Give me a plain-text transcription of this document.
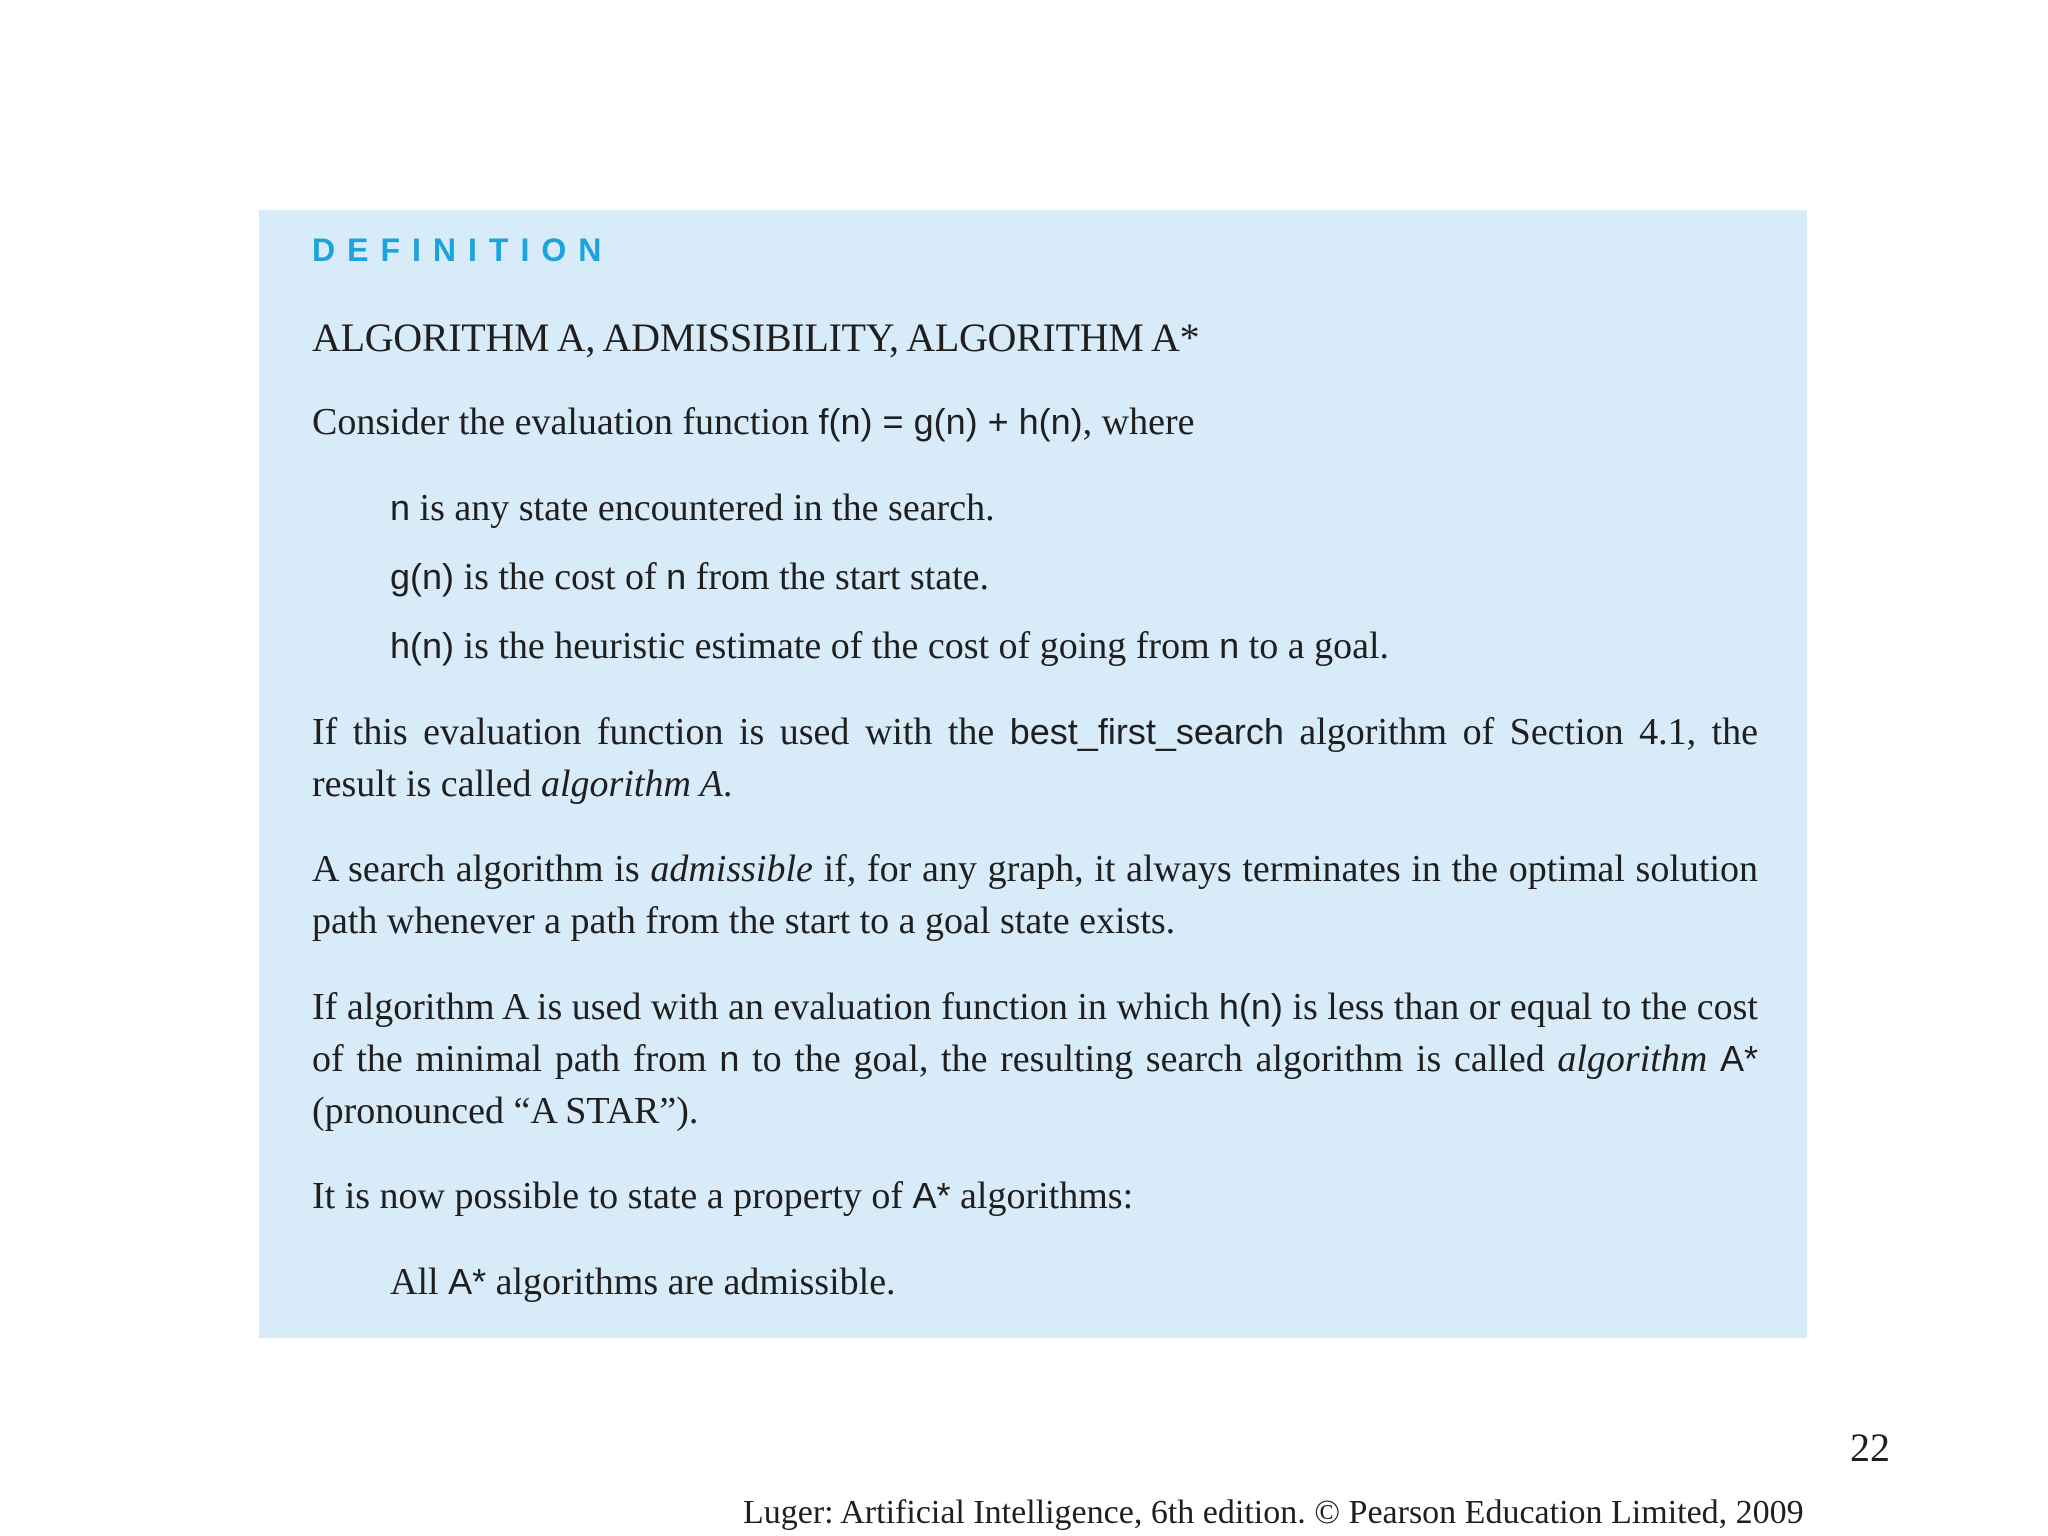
DEFINITION
ALGORITHM A, ADMISSIBILITY, ALGORITHM A*
Consider the evaluation function f(n) = g(n) + h(n), where
n is any state encountered in the search.
g(n) is the cost of n from the start state.
h(n) is the heuristic estimate of the cost of going from n to a goal.
If this evaluation function is used with the best_first_search algorithm of Section 4.1, the result is called algorithm A.
A search algorithm is admissible if, for any graph, it always terminates in the optimal solution path whenever a path from the start to a goal state exists.
If algorithm A is used with an evaluation function in which h(n) is less than or equal to the cost of the minimal path from n to the goal, the resulting search algorithm is called algorithm A* (pronounced “A STAR”).
It is now possible to state a property of A* algorithms:
All A* algorithms are admissible.
22
Luger: Artificial Intelligence, 6th edition. © Pearson Education Limited, 2009
